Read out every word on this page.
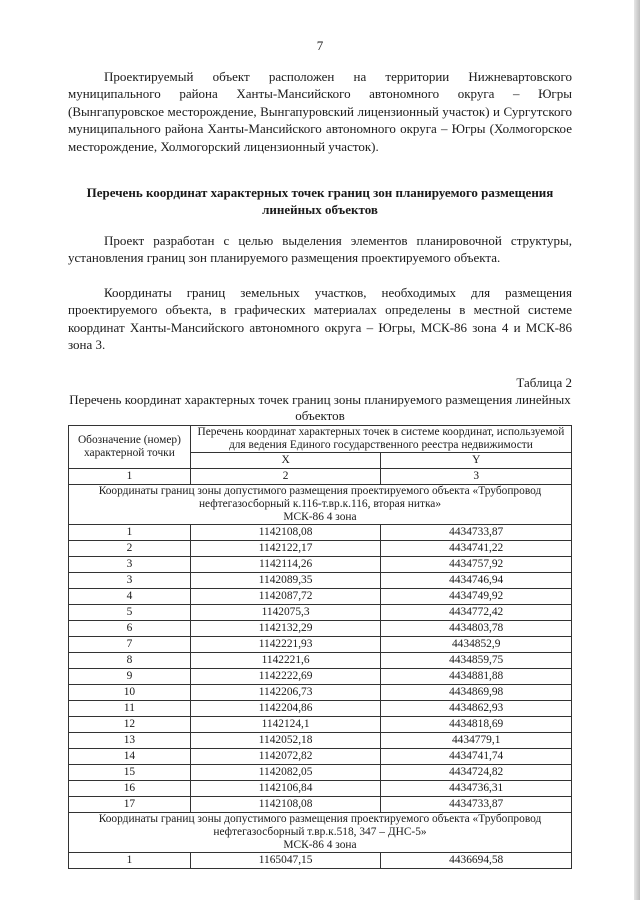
7

Проектируемый объект расположен на территории Нижневартовского муниципального района Ханты-Мансийского автономного округа – Югры (Вынгапуровское месторождение, Вынгапуровский лицензионный участок) и Сургутского муниципального района Ханты-Мансийского автономного округа – Югры (Холмогорское месторождение, Холмогорский лицензионный участок).

Перечень координат характерных точек границ зон планируемого размещения линейных объектов

Проект разработан с целью выделения элементов планировочной структуры, установления границ зон планируемого размещения проектируемого объекта.

Координаты границ земельных участков, необходимых для размещения проектируемого объекта, в графических материалах определены в местной системе координат Ханты-Мансийского автономного округа – Югры, МСК-86 зона 4 и МСК-86 зона 3.

Таблица 2
Перечень координат характерных точек границ зоны планируемого размещения линейных объектов
Обозначение (номер) характерной точки	Перечень координат характерных точек в системе координат, используемой для ведения Единого государственного реестра недвижимости	
	X	Y
1	2	3

Координаты границ зоны допустимого размещения проектируемого объекта «Трубопровод нефтегазосборный к.116-т.вр.к.116, вторая нитка»
МСК-86 4 зона		

1	1142108,08	4434733,87
2	1142122,17	4434741,22
3	1142114,26	4434757,92
3	1142089,35	4434746,94
4	1142087,72	4434749,92
5	1142075,3	4434772,42
6	1142132,29	4434803,78
7	1142221,93	4434852,9
8	1142221,6	4434859,75
9	1142222,69	4434881,88
10	1142206,73	4434869,98
11	1142204,86	4434862,93
12	1142124,1	4434818,69
13	1142052,18	4434779,1
14	1142072,82	4434741,74
15	1142082,05	4434724,82
16	1142106,84	4434736,31
17	1142108,08	4434733,87

Координаты границ зоны допустимого размещения проектируемого объекта «Трубопровод нефтегазосборный т.вр.к.518, 347 – ДНС-5»
МСК-86 4 зона		

1	1165047,15	4436694,58
